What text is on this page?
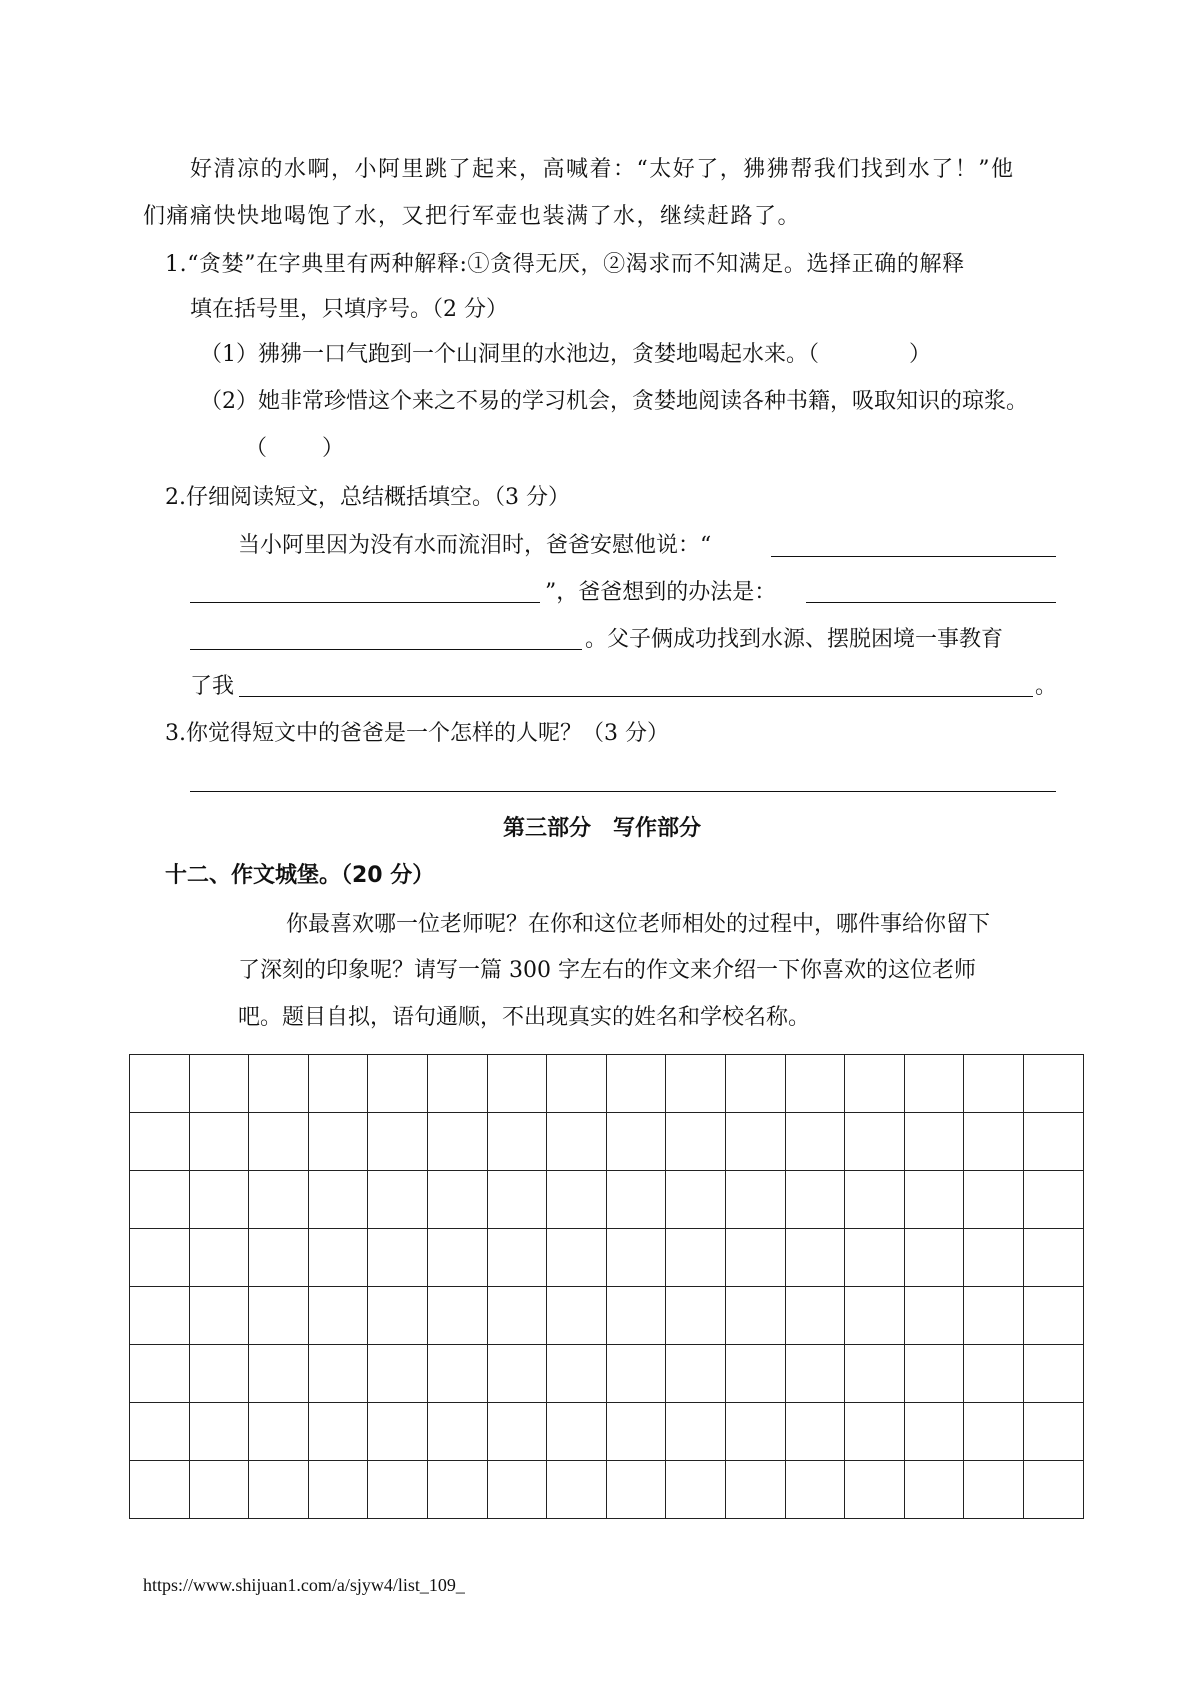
好清凉的水啊，小阿里跳了起来，高喊着：“太好了，狒狒帮我们找到水了！”他
们痛痛快快地喝饱了水，又把行军壶也装满了水，继续赶路了。
1.“贪婪”在字典里有两种解释:①贪得无厌，②渴求而不知满足。选择正确的解释
填在括号里，只填序号。（2 分）
（1）狒狒一口气跑到一个山洞里的水池边，贪婪地喝起水来。（	）
（2）她非常珍惜这个来之不易的学习机会，贪婪地阅读各种书籍，吸取知识的琼浆。
（	）
2.仔细阅读短文，总结概括填空。（3 分）
当小阿里因为没有水而流泪时，爸爸安慰他说：“
”，爸爸想到的办法是：
。父子俩成功找到水源、摆脱困境一事教育
了我	。
3.你觉得短文中的爸爸是一个怎样的人呢？（3 分）
第三部分　写作部分
十二、作文城堡。（20 分）
你最喜欢哪一位老师呢？在你和这位老师相处的过程中，哪件事给你留下
了深刻的印象呢？请写一篇 300 字左右的作文来介绍一下你喜欢的这位老师
吧。题目自拟，语句通顺，不出现真实的姓名和学校名称。

https://www.shijuan1.com/a/sjyw4/list_109_
